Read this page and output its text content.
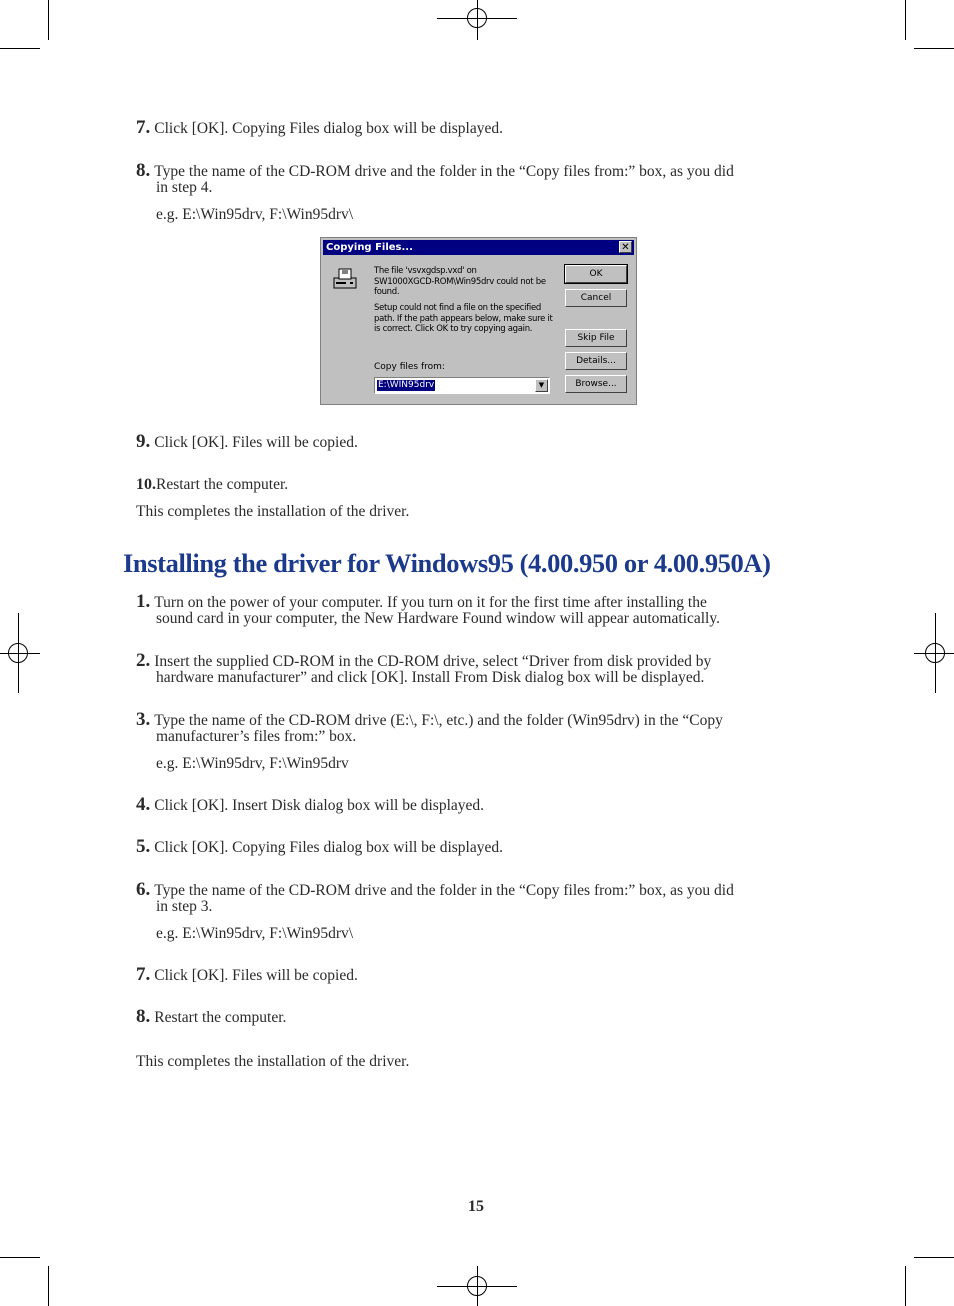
7. Click [OK]. Copying Files dialog box will be displayed.
8. Type the name of the CD-ROM drive and the folder in the “Copy files from:” box, as you did
in step 4.
e.g. E:\Win95drv, F:\Win95drv\
Copying Files...	✕
The file 'vsvxgdsp.vxd' on
SW1000XGCD-ROM\Win95drv could not be
found.
Setup could not find a file on the specified
path. If the path appears below, make sure it
is correct. Click OK to try copying again.
Copy files from:
E:\WIN95drv	▼
OK
Cancel
Skip File
Details...
Browse...
9. Click [OK]. Files will be copied.
10.Restart the computer.
This completes the installation of the driver.
Installing the driver for Windows95 (4.00.950 or 4.00.950A)
1. Turn on the power of your computer. If you turn on it for the first time after installing the
sound card in your computer, the New Hardware Found window will appear automatically.
2. Insert the supplied CD-ROM in the CD-ROM drive, select “Driver from disk provided by
hardware manufacturer” and click [OK]. Install From Disk dialog box will be displayed.
3. Type the name of the CD-ROM drive (E:\, F:\, etc.) and the folder (Win95drv) in the “Copy
manufacturer’s files from:” box.
e.g. E:\Win95drv, F:\Win95drv
4. Click [OK]. Insert Disk dialog box will be displayed.
5. Click [OK]. Copying Files dialog box will be displayed.
6. Type the name of the CD-ROM drive and the folder in the “Copy files from:” box, as you did
in step 3.
e.g. E:\Win95drv, F:\Win95drv\
7. Click [OK]. Files will be copied.
8. Restart the computer.
This completes the installation of the driver.
15
